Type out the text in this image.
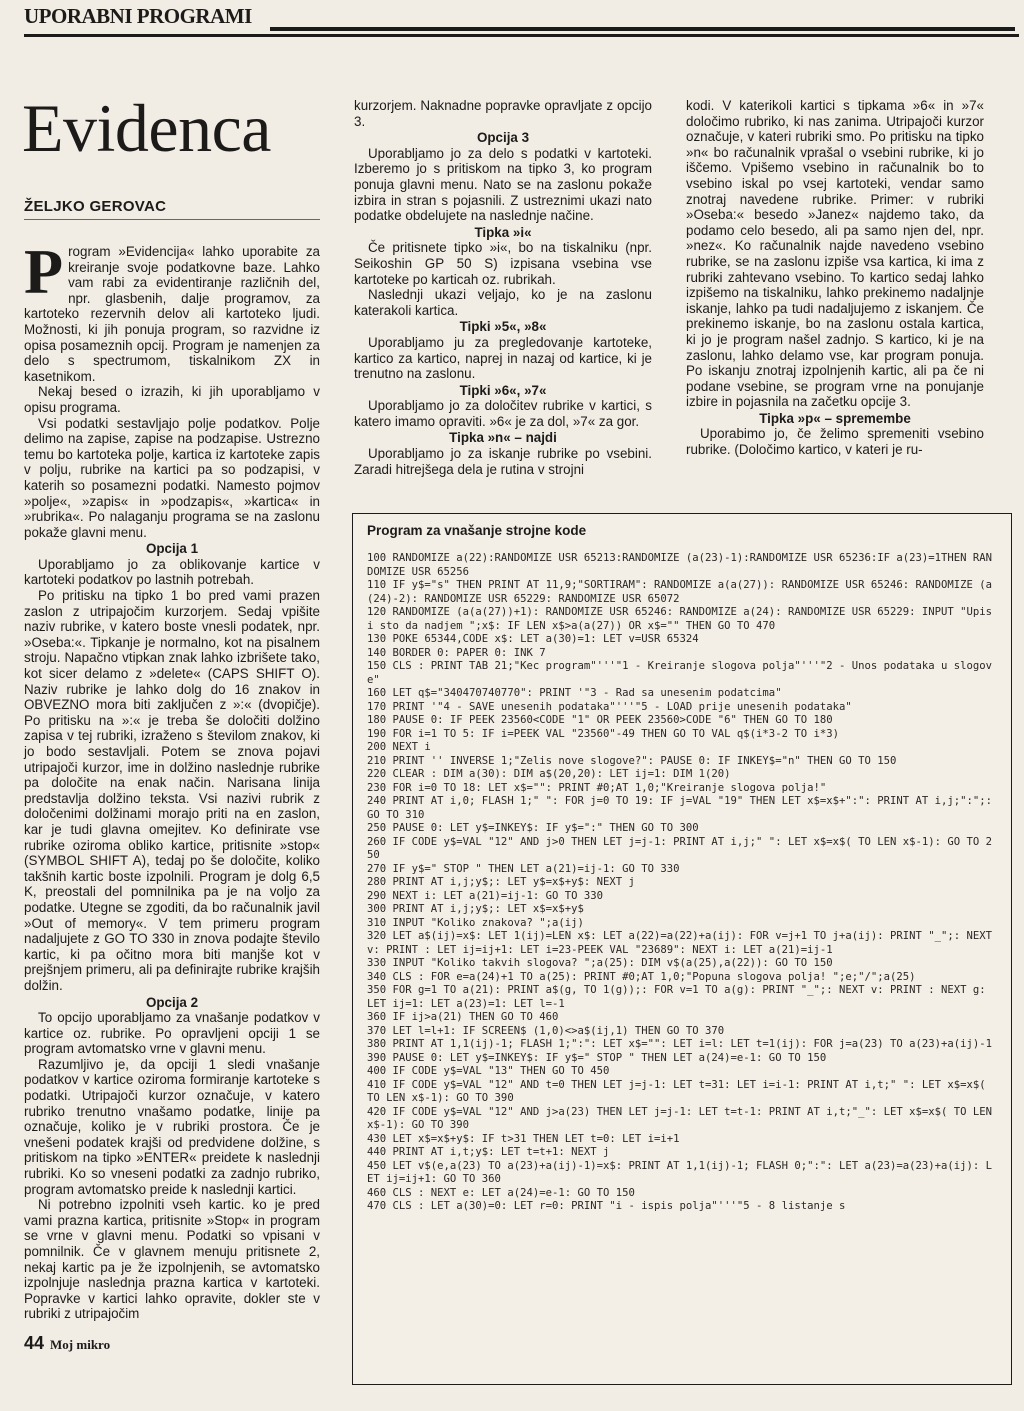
UPORABNI PROGRAMI
Evidenca
ŽELJKO GEROVAC
P rogram »Evidencija« lahko uporabite za kreiranje svoje podatkovne baze. Lahko vam rabi za evidentiranje različnih del, npr. glasbenih, dalje programov, za kartoteko rezervnih delov ali kartoteko ljudi. Možnosti, ki jih ponuja program, so razvidne iz opisa posameznih opcij. Program je namenjen za delo s spectrumom, tiskalnikom ZX in kasetnikom.

Nekaj besed o izrazih, ki jih uporabljamo v opisu programa.

Vsi podatki sestavljajo polje podatkov. Polje delimo na zapise, zapise na podzapise. Ustrezno temu bo kartoteka polje, kartica iz kartoteke zapis v polju, rubrike na kartici pa so podzapisi, v katerih so posamezni podatki. Namesto pojmov »polje«, »zapis« in »podzapis«, »kartica« in »rubrika«. Po nalaganju programa se na zaslonu pokaže glavni menu.

Opcija 1

Uporabljamo jo za oblikovanje kartice v kartoteki podatkov po lastnih potrebah.

Po pritisku na tipko 1 bo pred vami prazen zaslon z utripajočim kurzorjem. Sedaj vpišite naziv rubrike, v katero boste vnesli podatek, npr. »Oseba:«. Tipkanje je normalno, kot na pisalnem stroju. Napačno vtipkan znak lahko izbrišete tako, kot sicer delamo z »delete« (CAPS SHIFT O). Naziv rubrike je lahko dolg do 16 znakov in OBVEZNO mora biti zaključen z »:« (dvopičje). Po pritisku na »:« je treba še določiti dolžino zapisa v tej rubriki, izraženo s številom znakov, ki jo bodo sestavljali. Potem se znova pojavi utripajoči kurzor, ime in dolžino naslednje rubrike pa določite na enak način. Narisana linija predstavlja dolžino teksta. Vsi nazivi rubrik z določenimi dolžinami morajo priti na en zaslon, kar je tudi glavna omejitev. Ko definirate vse rubrike oziroma obliko kartice, pritisnite »stop« (SYMBOL SHIFT A), tedaj po še določite, koliko takšnih kartic boste izpolnili. Program je dolg 6,5 K, preostali del pomnilnika pa je na voljo za podatke. Utegne se zgoditi, da bo računalnik javil »Out of memory«. V tem primeru program nadaljujete z GO TO 330 in znova podajte število kartic, ki pa očitno mora biti manjše kot v prejšnjem primeru, ali pa definirajte rubrike krajših dolžin.

Opcija 2

To opcijo uporabljamo za vnašanje podatkov v kartice oz. rubrike. Po opravljeni opciji 1 se program avtomatsko vrne v glavni menu.

Razumljivo je, da opciji 1 sledi vnašanje podatkov v kartice oziroma formiranje kartoteke s podatki. Utripajoči kurzor označuje, v katero rubriko trenutno vnašamo podatke, linije pa označuje, koliko je v rubriki prostora. Če je vnešeni podatek krajši od predvidene dolžine, s pritiskom na tipko »ENTER« preidete k naslednji rubriki. Ko so vneseni podatki za zadnjo rubriko, program avtomatsko preide k naslednji kartici.

Ni potrebno izpolniti vseh kartic. ko je pred vami prazna kartica, pritisnite »Stop« in program se vrne v glavni menu. Podatki so vpisani v pomnilnik. Če v glavnem menuju pritisnete 2, nekaj kartic pa je že izpolnjenih, se avtomatsko izpolnjuje naslednja prazna kartica v kartoteki. Popravke v kartici lahko opravite, dokler ste v rubriki z utripajočim

kurzorjem. Naknadne popravke opravljate z opcijo 3.

Opcija 3

Uporabljamo jo za delo s podatki v kartoteki. Izberemo jo s pritiskom na tipko 3, ko program ponuja glavni menu. Nato se na zaslonu pokaže izbira in stran s pojasnili. Z ustreznimi ukazi nato podatke obdelujete na naslednje načine.

Tipka »i«

Če pritisnete tipko »i«, bo na tiskalniku (npr. Seikoshin GP 50 S) izpisana vsebina vse kartoteke po karticah oz. rubrikah.

Naslednji ukazi veljajo, ko je na zaslonu katerakoli kartica.

Tipki »5«, »8«

Uporabljamo ju za pregledovanje kartoteke, kartico za kartico, naprej in nazaj od kartice, ki je trenutno na zaslonu.

Tipki »6«, »7«

Uporabljamo jo za določitev rubrike v kartici, s katero imamo opraviti. »6« je za dol, »7« za gor.

Tipka »n« – najdi

Uporabljamo jo za iskanje rubrike po vsebini. Zaradi hitrejšega dela je rutina v strojni

kodi. V katerikoli kartici s tipkama »6« in »7« določimo rubriko, ki nas zanima. Utripajoči kurzor označuje, v kateri rubriki smo. Po pritisku na tipko »n« bo računalnik vprašal o vsebini rubrike, ki jo iščemo. Vpišemo vsebino in računalnik bo to vsebino iskal po vsej kartoteki, vendar samo znotraj navedene rubrike. Primer: v rubriki »Oseba:« besedo »Janez« najdemo tako, da podamo celo besedo, ali pa samo njen del, npr. »nez«. Ko računalnik najde navedeno vsebino rubrike, se na zaslonu izpiše vsa kartica, ki ima z rubriki zahtevano vsebino. To kartico sedaj lahko izpišemo na tiskalniku, lahko prekinemo nadaljnje iskanje, lahko pa tudi nadaljujemo z iskanjem. Če prekinemo iskanje, bo na zaslonu ostala kartica, ki jo je program našel zadnjo. S kartico, ki je na zaslonu, lahko delamo vse, kar program ponuja. Po iskanju znotraj izpolnjenih kartic, ali pa če ni podane vsebine, se program vrne na ponujanje izbire in pojasnila na začetku opcije 3.

Tipka »p« – spremembe

Uporabimo jo, če želimo spremeniti vsebino rubrike. (Določimo kartico, v kateri je ru-

Program za vnašanje strojne kode
100 RANDOMIZE a(22):RANDOMIZE USR 65213:RANDOMIZE (a(23)-1):RANDOMIZE USR 65236:IF a(23)=1THEN RANDOMIZE USR 65256
110 IF y$="s" THEN PRINT AT 11,9;"SORTIRAM": RANDOMIZE a(a(27)): RANDOMIZE USR 65246: RANDOMIZE (a(24)-2): RANDOMIZE USR 65229: RANDOMIZE USR 65072
120 RANDOMIZE (a(a(27))+1): RANDOMIZE USR 65246: RANDOMIZE a(24): RANDOMIZE USR 65229: INPUT "Upisi sto da nadjem ";x$: IF LEN x$>a(a(27)) OR x$="" THEN GO TO 470
130 POKE 65344,CODE x$: LET a(30)=1: LET v=USR 65324
140 BORDER 0: PAPER 0: INK 7
150 CLS : PRINT TAB 21;"Kec program"'''"1 - Kreiranje slogova polja"'''"2 - Unos podataka u slogove"
160 LET q$="340470740770": PRINT '"3 - Rad sa unesenim podatcima"
170 PRINT '"4 - SAVE unesenih podataka"'''"5 - LOAD prije unesenih podataka"
180 PAUSE 0: IF PEEK 23560<CODE "1" OR PEEK 23560>CODE "6" THEN GO TO 180
190 FOR i=1 TO 5: IF i=PEEK VAL "23560"-49 THEN GO TO VAL q$(i*3-2 TO i*3)
200 NEXT i
210 PRINT '' INVERSE 1;"Zelis nove slogove?": PAUSE 0: IF INKEY$="n" THEN GO TO 150
220 CLEAR : DIM a(30): DIM a$(20,20): LET ij=1: DIM 1(20)
230 FOR i=0 TO 18: LET x$="": PRINT #0;AT 1,0;"Kreiranje slogova polja!"
240 PRINT AT i,0; FLASH 1;" ": FOR j=0 TO 19: IF j=VAL "19" THEN LET x$=x$+":": PRINT AT i,j;":";: GO TO 310
250 PAUSE 0: LET y$=INKEY$: IF y$=":" THEN GO TO 300
260 IF CODE y$=VAL "12" AND j>0 THEN LET j=j-1: PRINT AT i,j;" ": LET x$=x$( TO LEN x$-1): GO TO 250
270 IF y$=" STOP " THEN LET a(21)=ij-1: GO TO 330
280 PRINT AT i,j;y$;: LET y$=x$+y$: NEXT j
290 NEXT i: LET a(21)=ij-1: GO TO 330
300 PRINT AT i,j;y$;: LET x$=x$+y$
310 INPUT "Koliko znakova? ";a(ij)
320 LET a$(ij)=x$: LET 1(ij)=LEN x$: LET a(22)=a(22)+a(ij): FOR v=j+1 TO j+a(ij): PRINT "_";: NEXT v: PRINT : LET ij=ij+1: LET i=23-PEEK VAL "23689": NEXT i: LET a(21)=ij-1
330 INPUT "Koliko takvih slogova? ";a(25): DIM v$(a(25),a(22)): GO TO 150
340 CLS : FOR e=a(24)+1 TO a(25): PRINT #0;AT 1,0;"Popuna slogova polja! ";e;"/";a(25)
350 FOR g=1 TO a(21): PRINT a$(g, TO 1(g));: FOR v=1 TO a(g): PRINT "_";: NEXT v: PRINT : NEXT g: LET ij=1: LET a(23)=1: LET l=-1
360 IF ij>a(21) THEN GO TO 460
370 LET l=l+1: IF SCREEN$ (1,0)<>a$(ij,1) THEN GO TO 370
380 PRINT AT 1,1(ij)-1; FLASH 1;":": LET x$="": LET i=l: LET t=1(ij): FOR j=a(23) TO a(23)+a(ij)-1
390 PAUSE 0: LET y$=INKEY$: IF y$=" STOP " THEN LET a(24)=e-1: GO TO 150
400 IF CODE y$=VAL "13" THEN GO TO 450
410 IF CODE y$=VAL "12" AND t=0 THEN LET j=j-1: LET t=31: LET i=i-1: PRINT AT i,t;" ": LET x$=x$( TO LEN x$-1): GO TO 390
420 IF CODE y$=VAL "12" AND j>a(23) THEN LET j=j-1: LET t=t-1: PRINT AT i,t;"_": LET x$=x$( TO LEN x$-1): GO TO 390
430 LET x$=x$+y$: IF t>31 THEN LET t=0: LET i=i+1
440 PRINT AT i,t;y$: LET t=t+1: NEXT j
450 LET v$(e,a(23) TO a(23)+a(ij)-1)=x$: PRINT AT 1,1(ij)-1; FLASH 0;":": LET a(23)=a(23)+a(ij): LET ij=ij+1: GO TO 360
460 CLS : NEXT e: LET a(24)=e-1: GO TO 150
470 CLS : LET a(30)=0: LET r=0: PRINT "i - ispis polja"'''"5 - 8 listanje s
44 Moj mikro
